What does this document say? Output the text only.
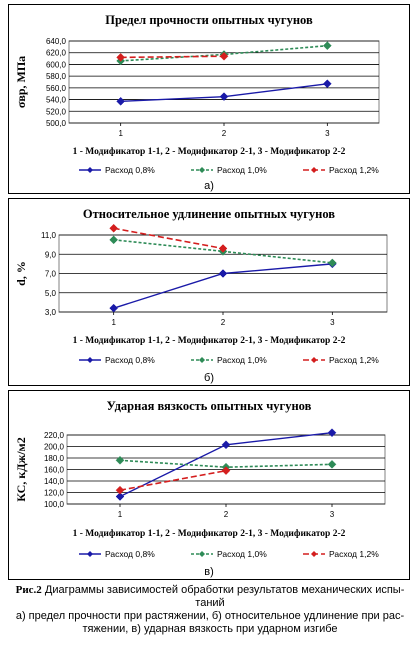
500,0
520,0
540,0
560,0
580,0
600,0
620,0
640,0
1	2	3
σвр, МПа
1 - Модификатор 1-1, 2 - Модификатор 2-1, 3 - Модификатор 2-2
Расход 0,8%	Расход 1,0%	Расход 1,2%
Предел прочности опытных чугунов
а)
3,0
5,0
7,0
9,0
11,0
1	2	3
d, %
1 - Модификатор 1-1, 2 - Модификатор 2-1, 3 - Модификатор 2-2
Расход 0,8%	Расход 1,0%	Расход 1,2%
Относительное удлинение опытных чугунов
б)
100,0
120,0
140,0
160,0
180,0
200,0
220,0
1	2	3
КС, кДж/м2
1 - Модификатор 1-1, 2 - Модификатор 2-1, 3 - Модификатор 2-2
Расход 0,8%	Расход 1,0%	Расход 1,2%
Ударная вязкость опытных чугунов
в)
Рис.2 Диаграммы зависимостей обработки результатов механических испы-
таний
а) предел прочности при растяжении, б) относительное удлинение при рас-
тяжении, в) ударная вязкость при ударном изгибе
